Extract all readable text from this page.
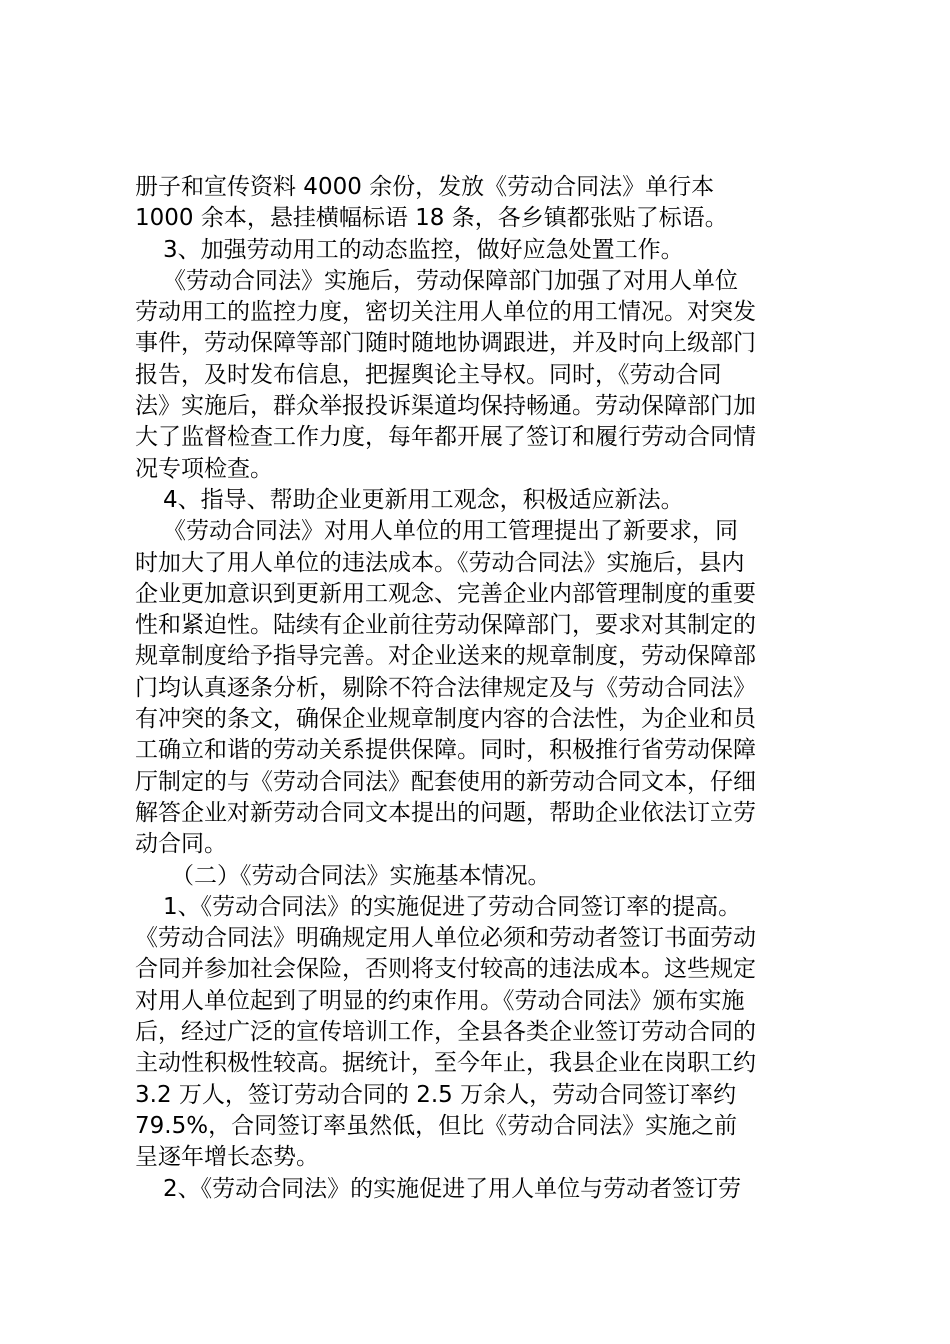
册子和宣传资料 4000 余份，发放《劳动合同法》单行本
1000 余本，悬挂横幅标语 18 条，各乡镇都张贴了标语。
3、加强劳动用工的动态监控，做好应急处置工作。
《劳动合同法》实施后，劳动保障部门加强了对用人单位
劳动用工的监控力度，密切关注用人单位的用工情况。对突发
事件，劳动保障等部门随时随地协调跟进，并及时向上级部门
报告，及时发布信息，把握舆论主导权。同时，《劳动合同
法》实施后，群众举报投诉渠道均保持畅通。劳动保障部门加
大了监督检查工作力度，每年都开展了签订和履行劳动合同情
况专项检查。
4、指导、帮助企业更新用工观念，积极适应新法。
《劳动合同法》对用人单位的用工管理提出了新要求，同
时加大了用人单位的违法成本。《劳动合同法》实施后，县内
企业更加意识到更新用工观念、完善企业内部管理制度的重要
性和紧迫性。陆续有企业前往劳动保障部门，要求对其制定的
规章制度给予指导完善。对企业送来的规章制度，劳动保障部
门均认真逐条分析，剔除不符合法律规定及与《劳动合同法》
有冲突的条文，确保企业规章制度内容的合法性，为企业和员
工确立和谐的劳动关系提供保障。同时，积极推行省劳动保障
厅制定的与《劳动合同法》配套使用的新劳动合同文本，仔细
解答企业对新劳动合同文本提出的问题，帮助企业依法订立劳
动合同。
（二）《劳动合同法》实施基本情况。
1、《劳动合同法》的实施促进了劳动合同签订率的提高。
《劳动合同法》明确规定用人单位必须和劳动者签订书面劳动
合同并参加社会保险，否则将支付较高的违法成本。这些规定
对用人单位起到了明显的约束作用。《劳动合同法》颁布实施
后，经过广泛的宣传培训工作，全县各类企业签订劳动合同的
主动性积极性较高。据统计，至今年止，我县企业在岗职工约
3.2 万人，签订劳动合同的 2.5 万余人，劳动合同签订率约
79.5%，合同签订率虽然低，但比《劳动合同法》实施之前
呈逐年增长态势。
2、《劳动合同法》的实施促进了用人单位与劳动者签订劳
